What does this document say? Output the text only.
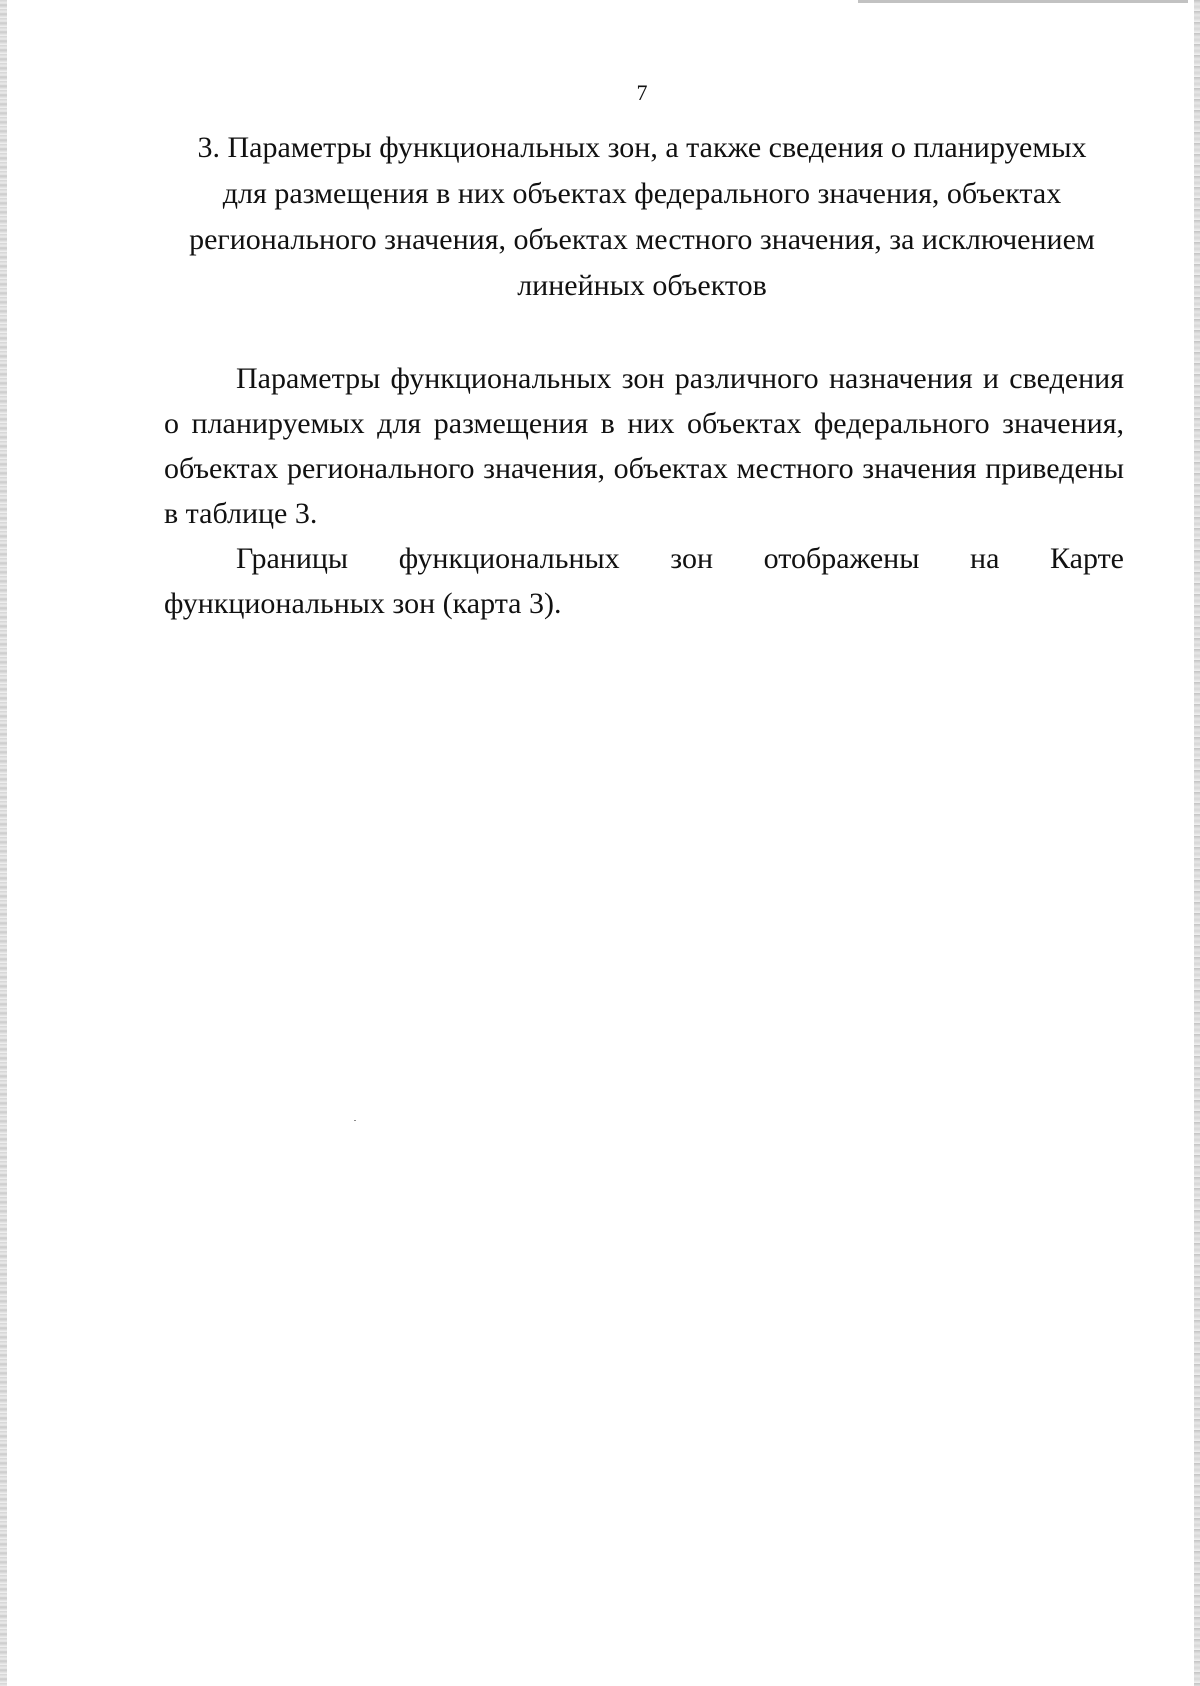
7
3. Параметры функциональных зон, а также сведения о планируемых
для размещения в них объектах федерального значения, объектах
регионального значения, объектах местного значения, за исключением
линейных объектов

Параметры функциональных зон различного назначения и сведения о планируемых для размещения в них объектах федерального значения, объектах регионального значения, объектах местного значения приведены в таблице 3.

Границы функциональных зон отображены на Карте функциональных зон (карта 3).
